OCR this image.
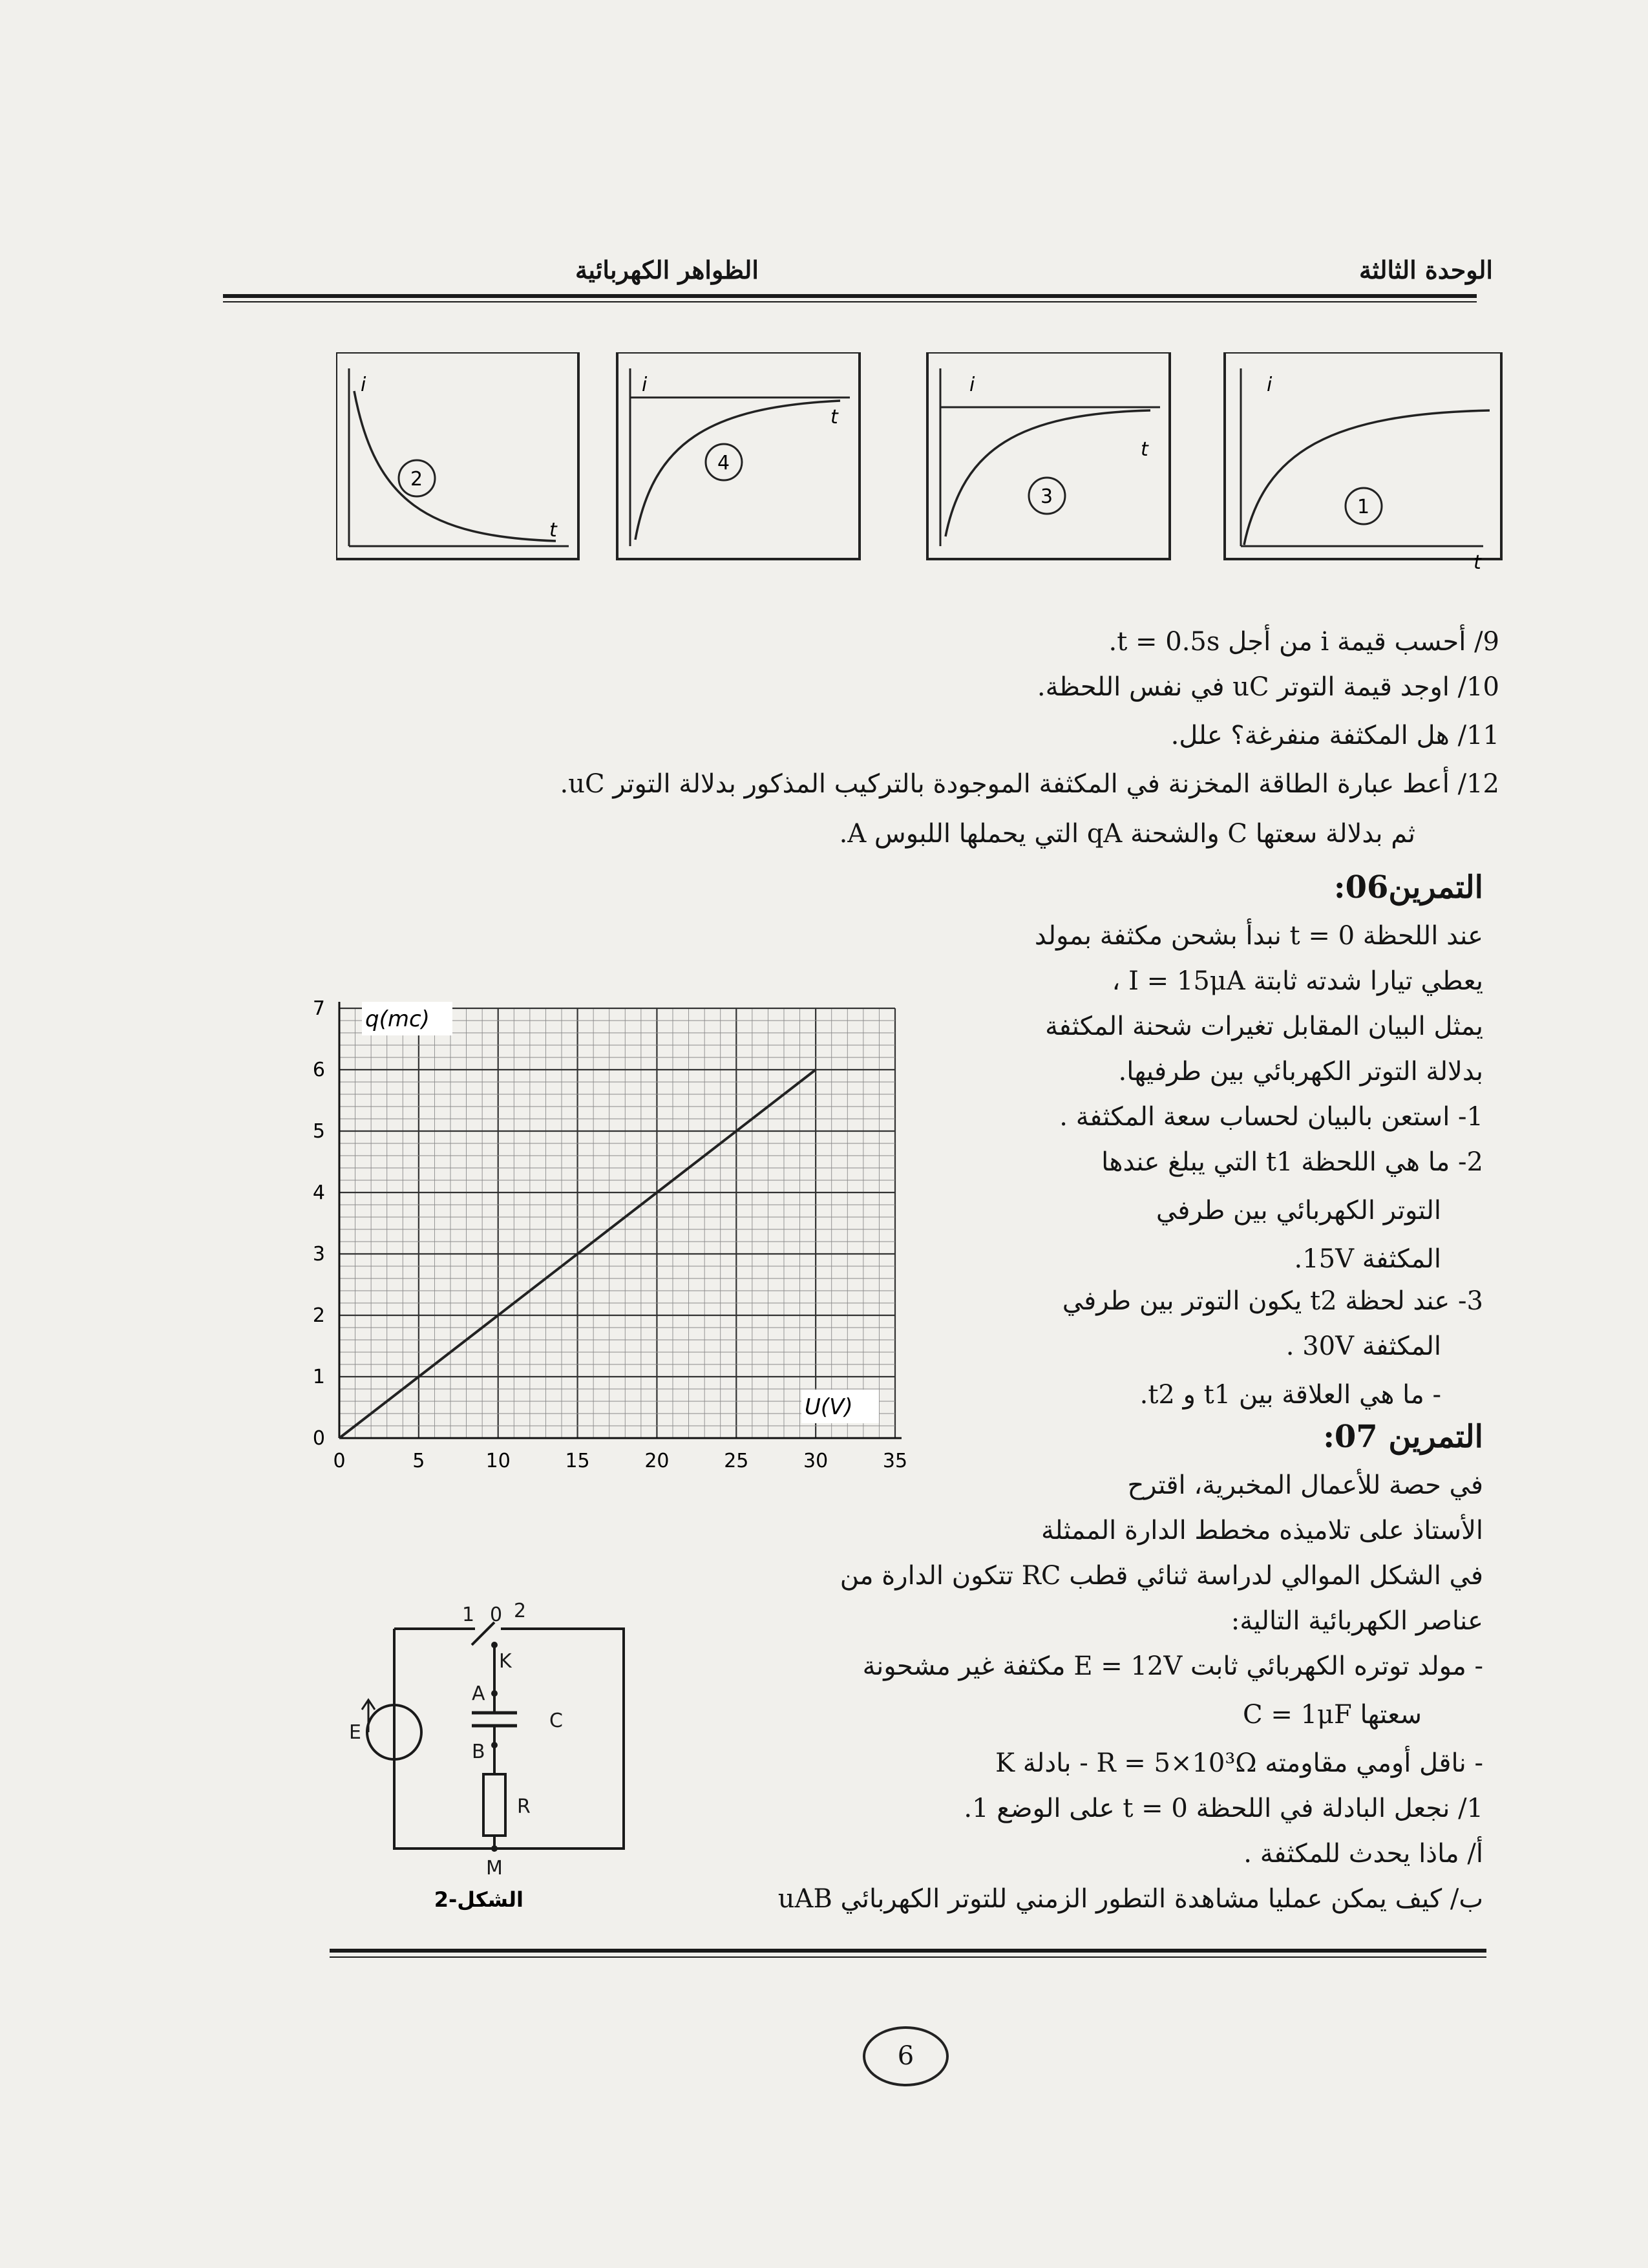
الوحدة الثالثة
الظواهر الكهربائية
i
t
2
i
t
4
i
t
3
i
t
1
9/ أحسب قيمة i من أجل t = 0.5s.
10/ اوجد قيمة التوتر uC في نفس اللحظة.
11/ هل المكثفة منفرغة؟ علل.
12/ أعط عبارة الطاقة المخزنة في المكثفة الموجودة بالتركيب المذكور بدلالة التوتر uC.
ثم بدلالة سعتها C والشحنة qA التي يحملها اللبوس A.
التمرين06:
عند اللحظة t = 0 نبدأ بشحن مكثفة بمولد
يعطي تيارا شدته ثابتة I = 15μA ،
يمثل البيان المقابل تغيرات شحنة المكثفة
بدلالة التوتر الكهربائي بين طرفيها.
1- استعن بالبيان لحساب سعة المكثفة .
2- ما هي اللحظة t1 التي يبلغ عندها
التوتر الكهربائي بين طرفي
المكثفة 15V.
3- عند لحظة t2 يكون التوتر بين طرفي
المكثفة 30V .
- ما هي العلاقة بين t1 و t2.
0	5	10	15	20	25	30	35
0
1
2
3
4
5
6
7 q(mc)
U(V)
التمرين 07:
في حصة للأعمال المخبرية، اقترح
الأستاذ على تلاميذه مخطط الدارة الممثلة
في الشكل الموالي لدراسة ثنائي قطب RC تتكون الدارة من
عناصر الكهربائية التالية:
- مولد توتره الكهربائي ثابت E = 12V مكثفة غير مشحونة
سعتها C = 1μF
- ناقل أومي مقاومته R = 5×10³Ω - بادلة K
1/ نجعل البادلة في اللحظة t = 0 على الوضع 1.
أ/ ماذا يحدث للمكثفة .
ب/ كيف يمكن عمليا مشاهدة التطور الزمني للتوتر الكهربائي uAB
1 0 2
K
A
C
B
E
R
M
الشكل-2
6
